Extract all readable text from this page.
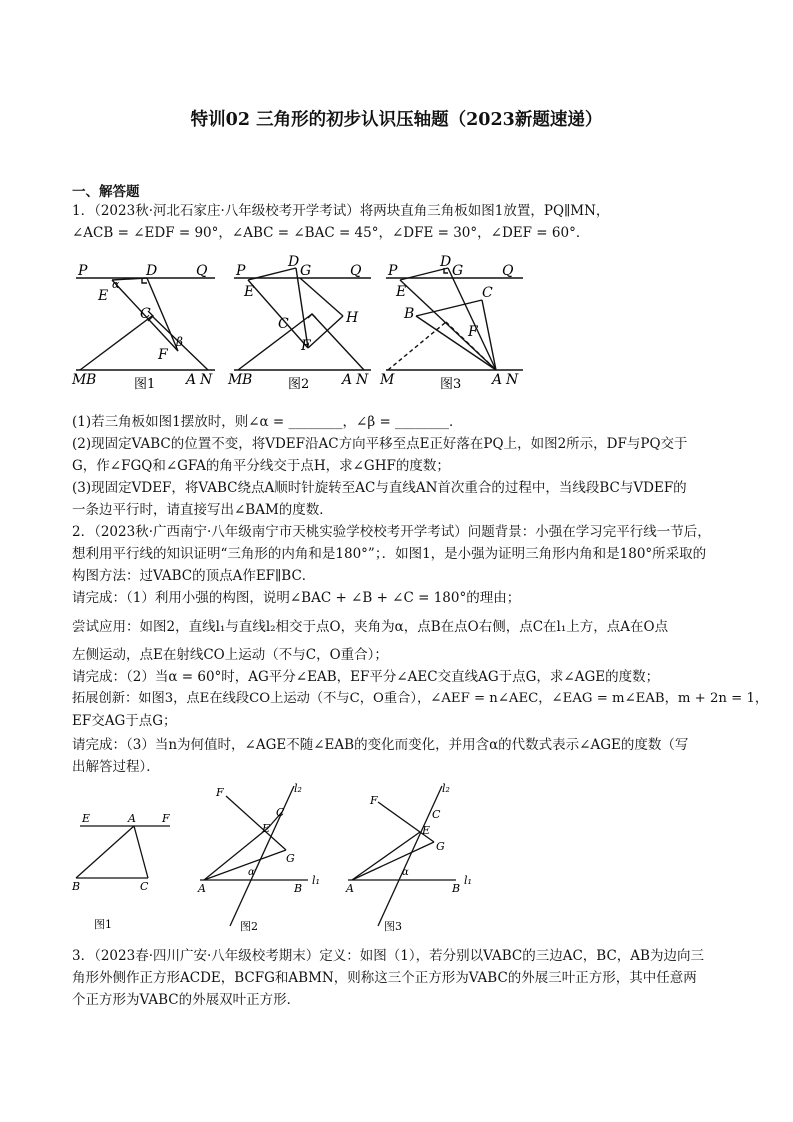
特训02 三角形的初步认识压轴题（2023新题速递）
一、解答题
1．（2023秋·河北石家庄·八年级校考开学考试）将两块直角三角板如图1放置，PQ∥MN，
∠ACB = ∠EDF = 90°，∠ABC = ∠BAC = 45°，∠DFE = 30°，∠DEF = 60°．
P	D	Q
E
α
C
β
F
M B	A N
图1
P
D
G	Q
E
C	H
F
M B	A N
图2
P
D
G	Q
E	C
B
F
M	A N
图3
(1)若三角板如图1摆放时，则∠α = ________，∠β = ________．
(2)现固定VABC的位置不变，将VDEF沿AC方向平移至点E正好落在PQ上，如图2所示，DF与PQ交于
G，作∠FGQ和∠GFA的角平分线交于点H，求∠GHF的度数；
(3)现固定VDEF，将VABC绕点A顺时针旋转至AC与直线AN首次重合的过程中，当线段BC与VDEF的
一条边平行时，请直接写出∠BAM的度数．
2．（2023秋·广西南宁·八年级南宁市天桃实验学校校考开学考试）问题背景：小强在学习完平行线一节后，
想利用平行线的知识证明“三角形的内角和是180°”；．如图1，是小强为证明三角形内角和是180°所采取的
构图方法：过VABC的顶点A作EF∥BC．
请完成：（1）利用小强的构图，说明∠BAC + ∠B + ∠C = 180°的理由；
尝试应用：如图2，直线l₁与直线l₂相交于点O，夹角为α，点B在点O右侧，点C在l₁上方，点A在O点
左侧运动，点E在射线CO上运动（不与C，O重合）；
请完成：（2）当α = 60°时，AG平分∠EAB，EF平分∠AEC交直线AG于点G，求∠AGE的度数；
拓展创新：如图3，点E在线段CO上运动（不与C，O重合），∠AEF = n∠AEC，∠EAG = m∠EAB，m + 2n = 1，
EF交AG于点G；
请完成：（3）当n为何值时，∠AGE不随∠EAB的变化而变化，并用含α的代数式表示∠AGE的度数（写
出解答过程）．
E	A F
B	C
图1
F	l₂
C
E
G
A
α
B
l₁
图2
F
l₂
C
E
G
A
α
B
l₁
图3
3．（2023春·四川广安·八年级校考期末）定义：如图（1），若分别以VABC的三边AC，BC，AB为边向三
角形外侧作正方形ACDE，BCFG和ABMN，则称这三个正方形为VABC的外展三叶正方形，其中任意两
个正方形为VABC的外展双叶正方形．
